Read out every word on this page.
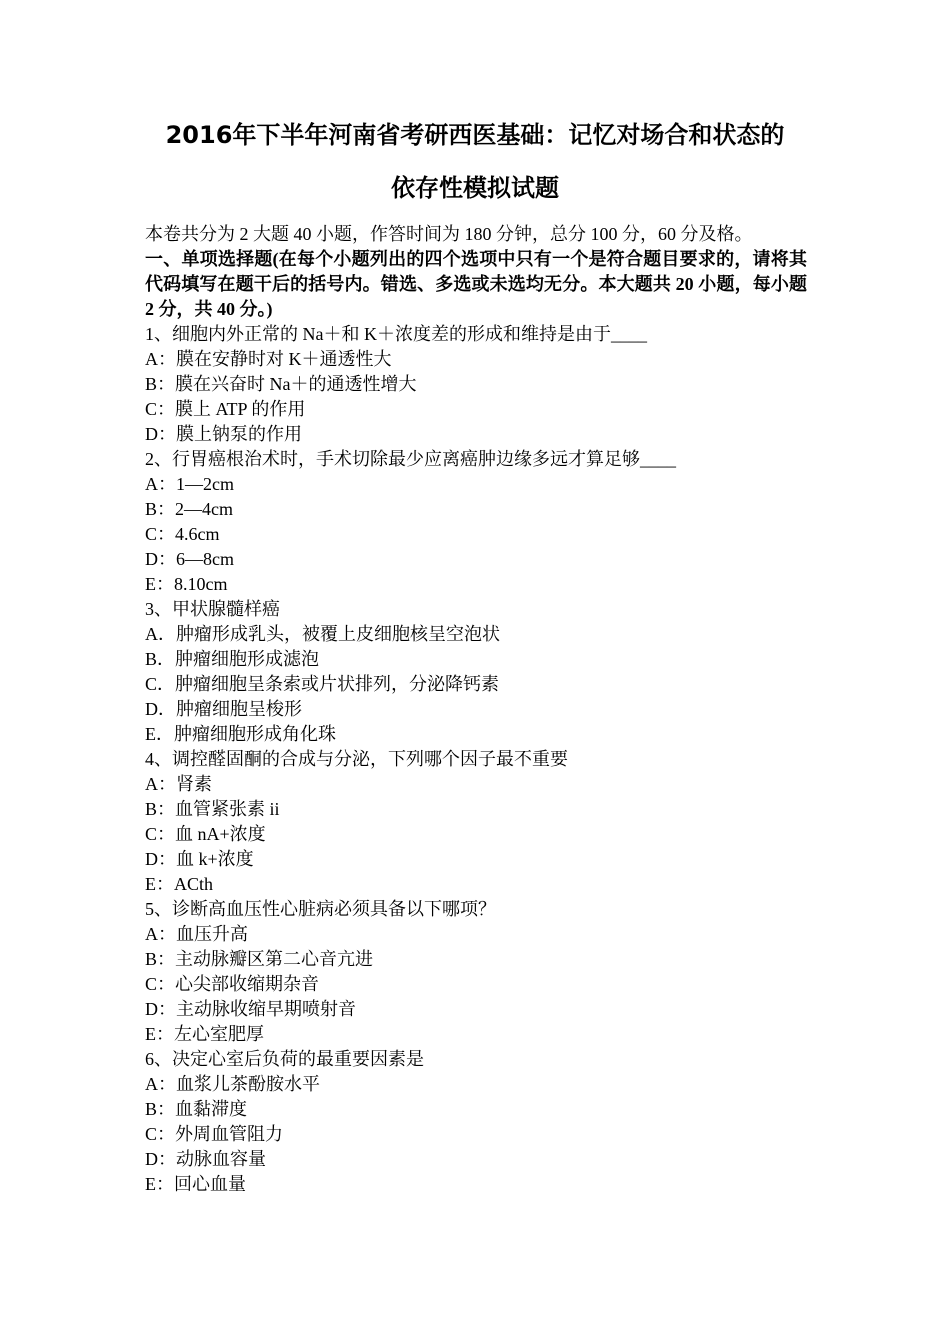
2016年下半年河南省考研西医基础：记忆对场合和状态的
依存性模拟试题
本卷共分为 2 大题 40 小题，作答时间为 180 分钟，总分 100 分，60 分及格。

一、单项选择题(在每个小题列出的四个选项中只有一个是符合题目要求的，请将其代码填写在题干后的括号内。错选、多选或未选均无分。本大题共 20 小题，每小题 2 分，共 40 分。)

1、细胞内外正常的 Na＋和 K＋浓度差的形成和维持是由于____
A：膜在安静时对 K＋通透性大
B：膜在兴奋时 Na＋的通透性增大
C：膜上 ATP 的作用
D：膜上钠泵的作用
2、行胃癌根治术时，手术切除最少应离癌肿边缘多远才算足够____
A：1—2cm
B：2—4cm
C：4.6cm
D：6—8cm
E：8.10cm
3、甲状腺髓样癌
A．肿瘤形成乳头，被覆上皮细胞核呈空泡状
B．肿瘤细胞形成滤泡
C．肿瘤细胞呈条索或片状排列，分泌降钙素
D．肿瘤细胞呈梭形
E．肿瘤细胞形成角化珠
4、调控醛固酮的合成与分泌，下列哪个因子最不重要
A：肾素
B：血管紧张素 ii
C：血 nA+浓度
D：血 k+浓度
E：ACth
5、诊断高血压性心脏病必须具备以下哪项？
A：血压升高
B：主动脉瓣区第二心音亢进
C：心尖部收缩期杂音
D：主动脉收缩早期喷射音
E：左心室肥厚
6、决定心室后负荷的最重要因素是
A：血浆儿茶酚胺水平
B：血黏滞度
C：外周血管阻力
D：动脉血容量
E：回心血量
